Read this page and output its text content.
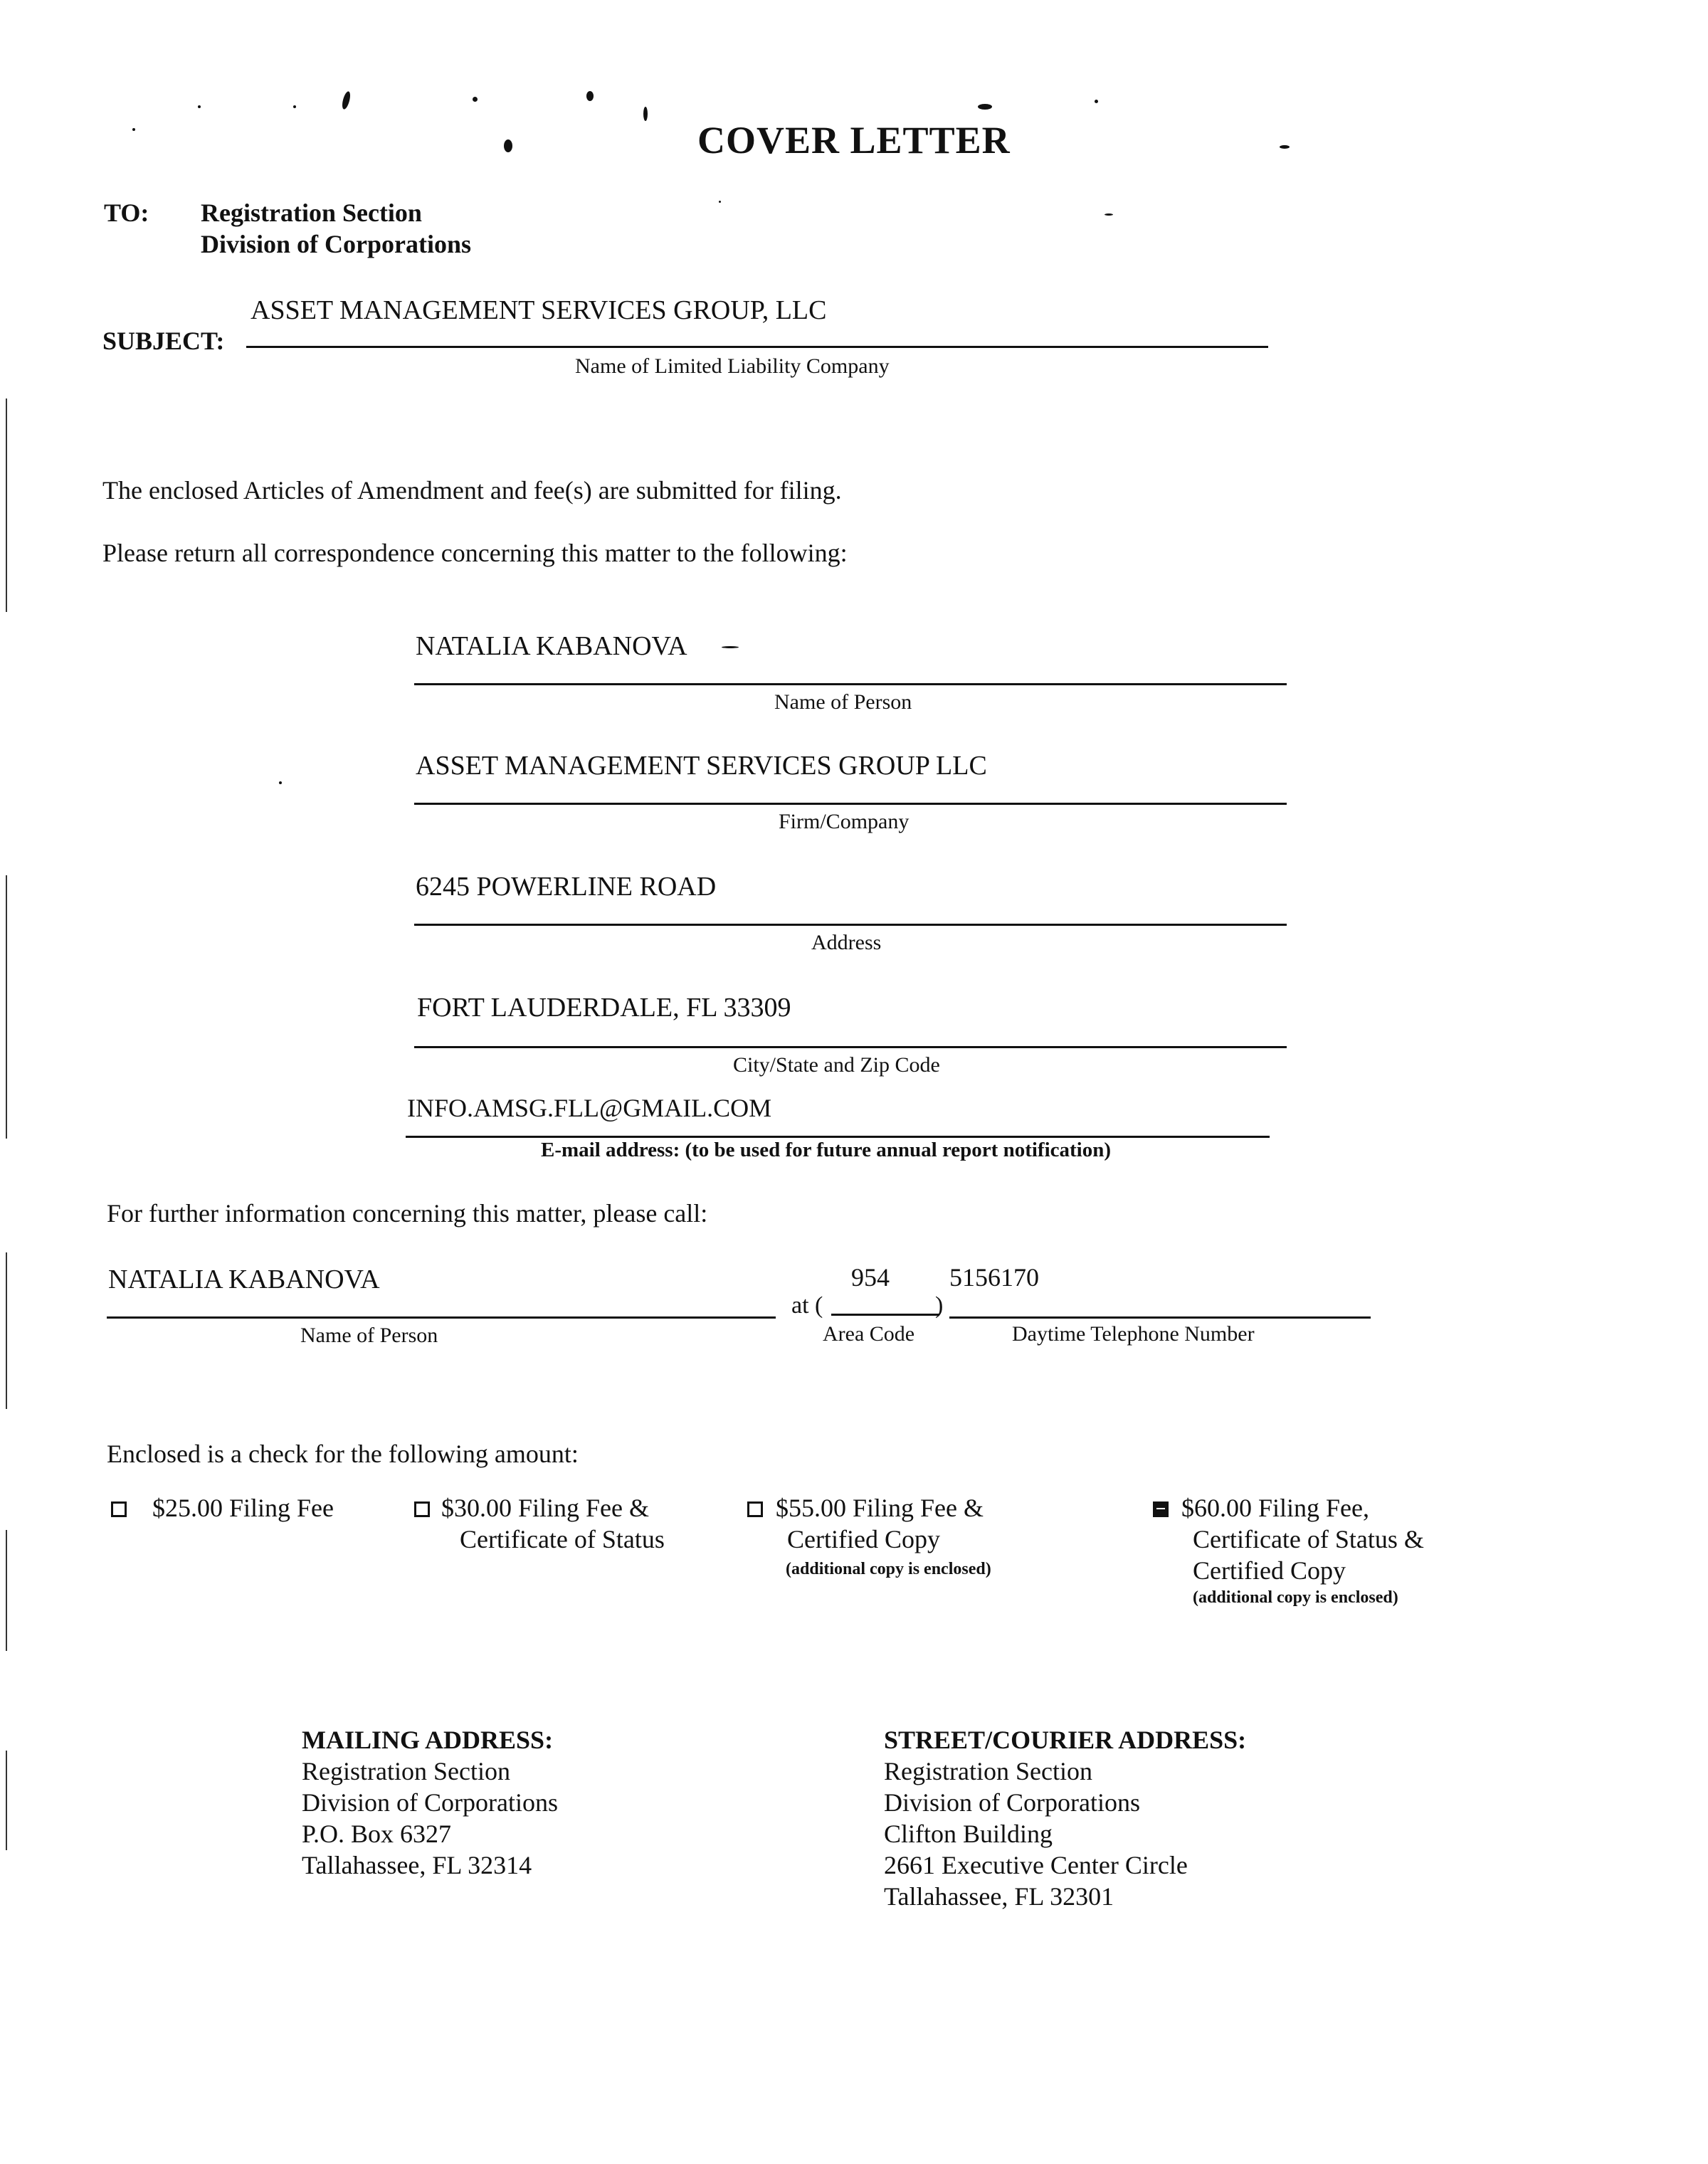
COVER LETTER
TO: Registration Section
Division of Corporations
ASSET MANAGEMENT SERVICES GROUP, LLC
SUBJECT:
Name of Limited Liability Company
The enclosed Articles of Amendment and fee(s) are submitted for filing.
Please return all correspondence concerning this matter to the following:
NATALIA KABANOVA
Name of Person
ASSET MANAGEMENT SERVICES GROUP LLC
Firm/Company
6245 POWERLINE ROAD
Address
FORT LAUDERDALE, FL 33309
City/State and Zip Code
INFO.AMSG.FLL@GMAIL.COM
E-mail address: (to be used for future annual report notification)
For further information concerning this matter, please call:
NATALIA KABANOVA
Name of Person
at (
954
)
Area Code
5156170
Daytime Telephone Number
Enclosed is a check for the following amount:
$25.00 Filing Fee	$30.00 Filing Fee &
Certificate of Status
$55.00 Filing Fee &
Certified Copy
(additional copy is enclosed)
$60.00 Filing Fee,
Certificate of Status &
Certified Copy
(additional copy is enclosed)
MAILING ADDRESS:
Registration Section
Division of Corporations
P.O. Box 6327
Tallahassee, FL 32314
STREET/COURIER ADDRESS:
Registration Section
Division of Corporations
Clifton Building
2661 Executive Center Circle
Tallahassee, FL 32301
